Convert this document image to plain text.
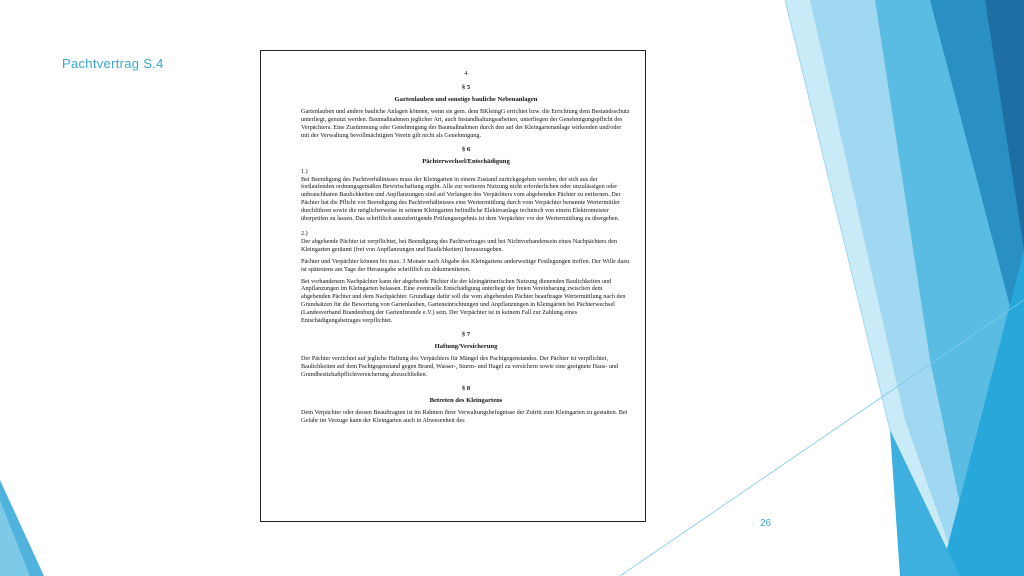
Pachtvertrag S.4
4
§ 5
Gartenlauben und sonstige bauliche Nebenanlagen

Gartenlauben und andere bauliche Anlagen können, wenn sie gem. dem BKleingG errichtet bzw. die Errichtung dem Bestandsschutz unterliegt, genutzt werden. Baumaßnahmen jeglicher Art, auch Instandhaltungsarbeiten, unterliegen der Genehmigungspflicht des Verpächters. Eine Zustimmung oder Genehmigung der Baumaßnahmen durch den auf der Kleingartenanlage wirkenden und/oder mit der Verwaltung bevollmächtigten Verein gilt nicht als Genehmigung.

§ 6
Pächterwechsel/Entschädigung
1.)

Bei Beendigung des Pachtverhältnisses muss der Kleingarten in einem Zustand zurückgegeben werden, der sich aus der fortlaufenden ordnungsgemäßen Bewirtschaftung ergibt. Alle zur weiteren Nutzung nicht erforderlichen oder unzulässigen oder unbrauchbaren Baulichkeiten und Anpflanzungen sind auf Verlangen des Verpächters vom abgebenden Pächter zu entfernen. Der Pächter hat die Pflicht vor Beendigung des Pachtverhältnisses eine Wertermittlung durch vom Verpächter benannte Wertermittler durchführen sowie die möglicherweise in seinem Kleingarten befindliche Elektroanlage technisch von einem Elektromeister überprüfen zu lassen. Das schriftlich auszufertigende Prüfungsergebnis ist dem Verpächter vor der Wertermittlung zu übergeben.

2.)

Der abgebende Pächter ist verpflichtet, bei Beendigung des Pachtvertrages und bei Nichtvorhandensein eines Nachpächters den Kleingarten geräumt (frei von Anpflanzungen und Baulichkeiten) herauszugeben.

Pächter und Verpächter können bis max. 3 Monate nach Abgabe des Kleingartens anderweitige Festlegungen treffen. Der Wille dazu ist spätestens am Tage der Herausgabe schriftlich zu dokumentieren.

Bei vorhandenem Nachpächter kann der abgebende Pächter die der kleingärtnerischen Nutzung dienenden Baulichkeiten und Anpflanzungen im Kleingarten belassen. Eine eventuelle Entschädigung unterliegt der freien Vereinbarung zwischen dem abgebenden Pächter und dem Nachpächter. Grundlage dafür soll die vom abgebenden Pächter beauftragte Wertermittlung nach den Grundsätzen für die Bewertung von Gartenlauben, Garteneinrichtungen und Anpflanzungen in Kleingärten bei Pächterwechsel (Landesverband Brandenburg der Gartenfreunde e.V.) sein. Der Verpächter ist in keinem Fall zur Zahlung eines Entschädigungsbetrages verpflichtet.

§ 7
Haftung/Versicherung

Der Pächter verzichtet auf jegliche Haftung des Verpächters für Mängel des Pachtgegenstandes. Der Pächter ist verpflichtet, Baulichkeiten auf dem Pachtgegenstand gegen Brand, Wasser-, Sturm- und Hagel zu versichern sowie eine geeignete Haus- und Grundbesitzhaftpflichtversicherung abzuschließen.

§ 8
Betreten des Kleingartens

Dem Verpächter oder dessen Beauftragten ist im Rahmen ihrer Verwaltungsbefugnisse der Zutritt zum Kleingarten zu gestatten. Bei Gefahr im Verzuge kann der Kleingarten auch in Abwesenheit des

26
